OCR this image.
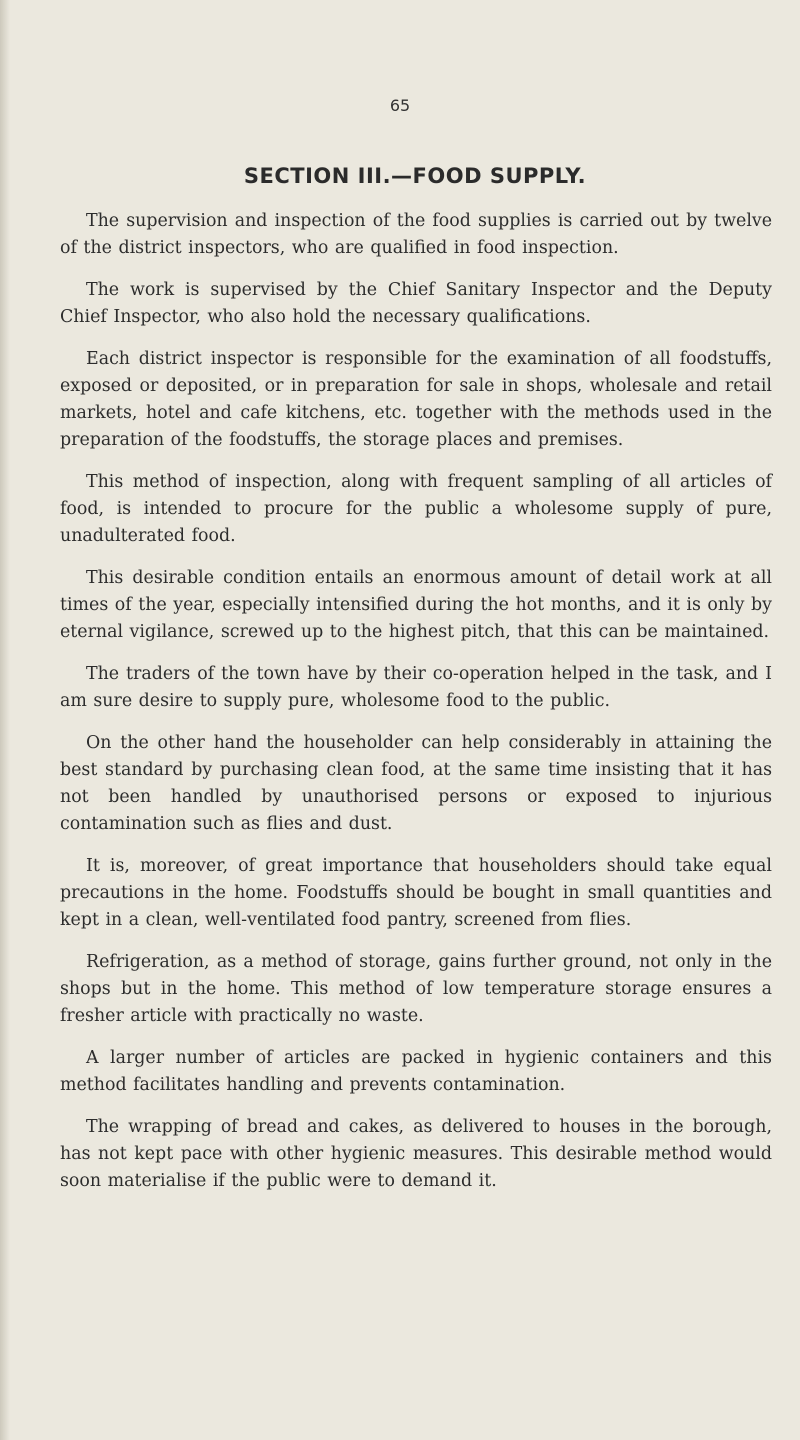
65
SECTION III.—FOOD SUPPLY.

The supervision and inspection of the food supplies is carried out by twelve of the district inspectors, who are qualified in food inspection.

The work is supervised by the Chief Sanitary Inspector and the Deputy Chief Inspector, who also hold the necessary qualifications.

Each district inspector is responsible for the examination of all foodstuffs, exposed or deposited, or in preparation for sale in shops, wholesale and retail markets, hotel and cafe kitchens, etc. together with the methods used in the preparation of the foodstuffs, the storage places and premises.

This method of inspection, along with frequent sampling of all articles of food, is intended to procure for the public a wholesome supply of pure, unadulterated food.

This desirable condition entails an enormous amount of detail work at all times of the year, especially intensified during the hot months, and it is only by eternal vigilance, screwed up to the highest pitch, that this can be maintained.

The traders of the town have by their co-operation helped in the task, and I am sure desire to supply pure, wholesome food to the public.

On the other hand the householder can help considerably in attaining the best standard by purchasing clean food, at the same time insisting that it has not been handled by unauthorised persons or exposed to injurious contamination such as flies and dust.

It is, moreover, of great importance that householders should take equal precautions in the home. Foodstuffs should be bought in small quantities and kept in a clean, well-ventilated food pantry, screened from flies.

Refrigeration, as a method of storage, gains further ground, not only in the shops but in the home. This method of low temperature storage ensures a fresher article with practically no waste.

A larger number of articles are packed in hygienic containers and this method facilitates handling and prevents contamination.

The wrapping of bread and cakes, as delivered to houses in the borough, has not kept pace with other hygienic measures. This desirable method would soon materialise if the public were to demand it.
